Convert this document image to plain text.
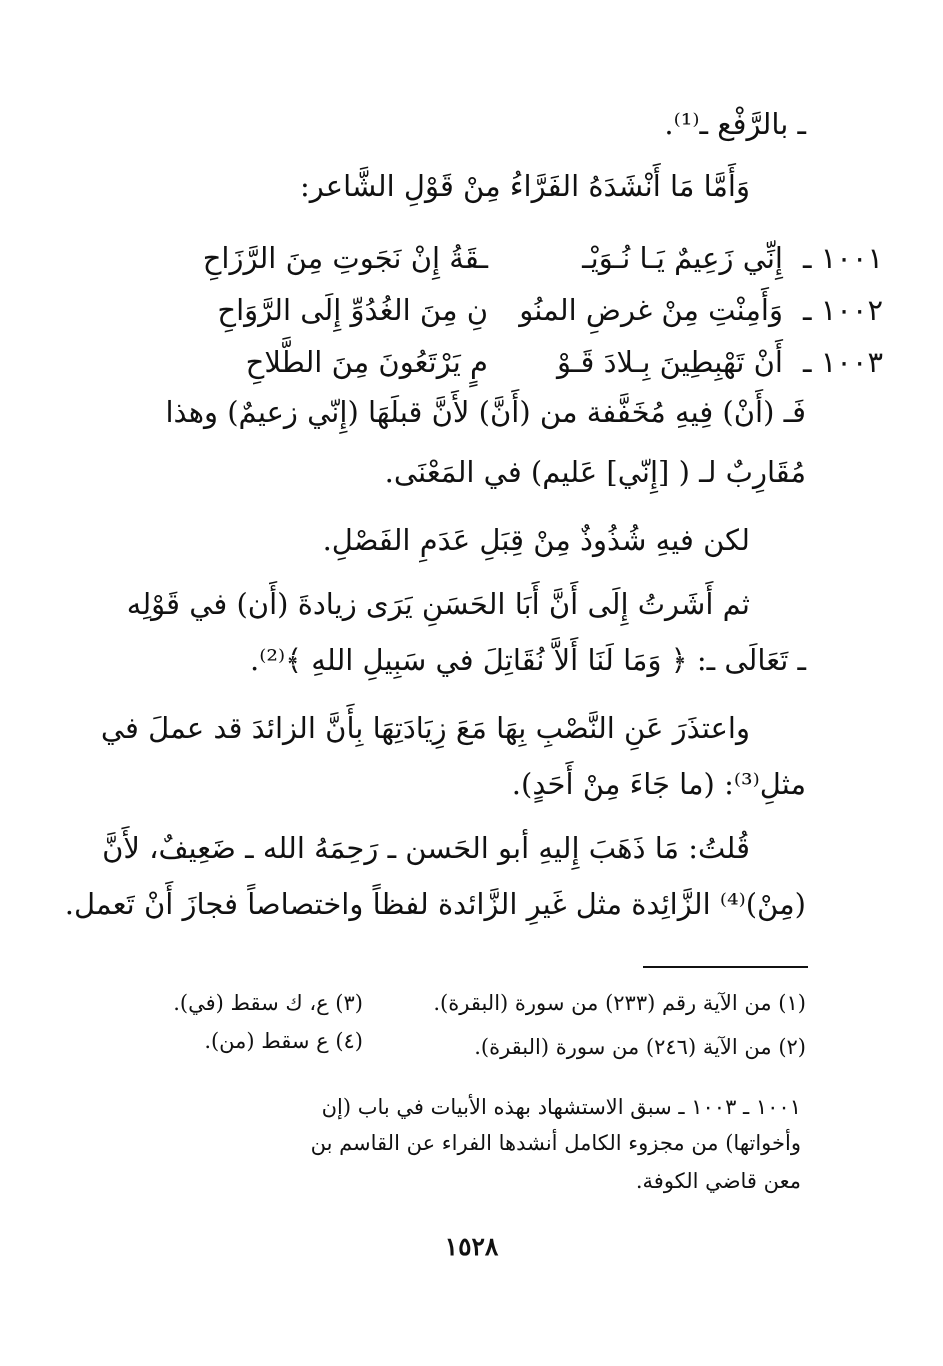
ـ بالرَّفْع ـ⁽¹⁾.
وَأَمَّا مَا أَنْشَدَهُ الفَرَّاءُ مِنْ قَوْلِ الشَّاعر:
١٠٠١ ـ
إِنِّي زَعِيمٌ يَـا نُـوَيْـ
ـقَةُ إِنْ نَجَوتِ مِنَ الرَّزَاحِ
١٠٠٢ ـ
وَأَمِنْتِ مِنْ غرضِ المنُو
نِ مِنَ الغُدُوِّ إِلَى الرَّوَاحِ
١٠٠٣ ـ
أَنْ تَهْبِطِينَ بِـلادَ قَـوْ
مٍ يَرْتَعُونَ مِنَ الطَّلاحِ
فَـ (أَنْ) فِيهِ مُخَفَّفة من (أَنَّ) لأَنَّ قبلَهَا (إِنّي زعيمٌ) وهذا
مُقَارِبٌ لـ ( [إِنّي] عَليم) في المَعْنَى.
لكن فيهِ شُذُوذٌ مِنْ قِبَلِ عَدَمِ الفَصْلِ.
ثم أَشَرتُ إِلَى أَنَّ أَبَا الحَسَنِ يَرَى زيادةَ (أَن) في قَوْلِه
ـ تَعَالَى ـ: ﴿ وَمَا لَنَا أَلاَّ نُقَاتِلَ في سَبِيلِ اللهِ ﴾⁽²⁾.
واعتذَرَ عَنِ النَّصْبِ بِهَا مَعَ زِيَادَتِهَا بِأَنَّ الزائدَ قد عملَ في
مثلِ⁽³⁾: (ما جَاءَ مِنْ أَحَدٍ).
قُلتُ: مَا ذَهَبَ إِليهِ أبو الحَسن ـ رَحِمَهُ الله ـ ضَعِيفٌ، لأَنَّ
(مِنْ)⁽⁴⁾ الزَّائِدة مثل غَيرِ الزَّائدة لفظاً واختصاصاً فجازَ أَنْ تَعمل.
(١) من الآية رقم (٢٣٣) من سورة (البقرة).
(٣) ع، ك سقط (في).
(٢) من الآية (٢٤٦) من سورة (البقرة).
(٤) ع سقط (من).
١٠٠١ ـ ١٠٠٣ ـ سبق الاستشهاد بهذه الأبيات في باب (إن
وأخواتها) من مجزوء الكامل أنشدها الفراء عن القاسم بن
معن قاضي الكوفة.
١٥٢٨
